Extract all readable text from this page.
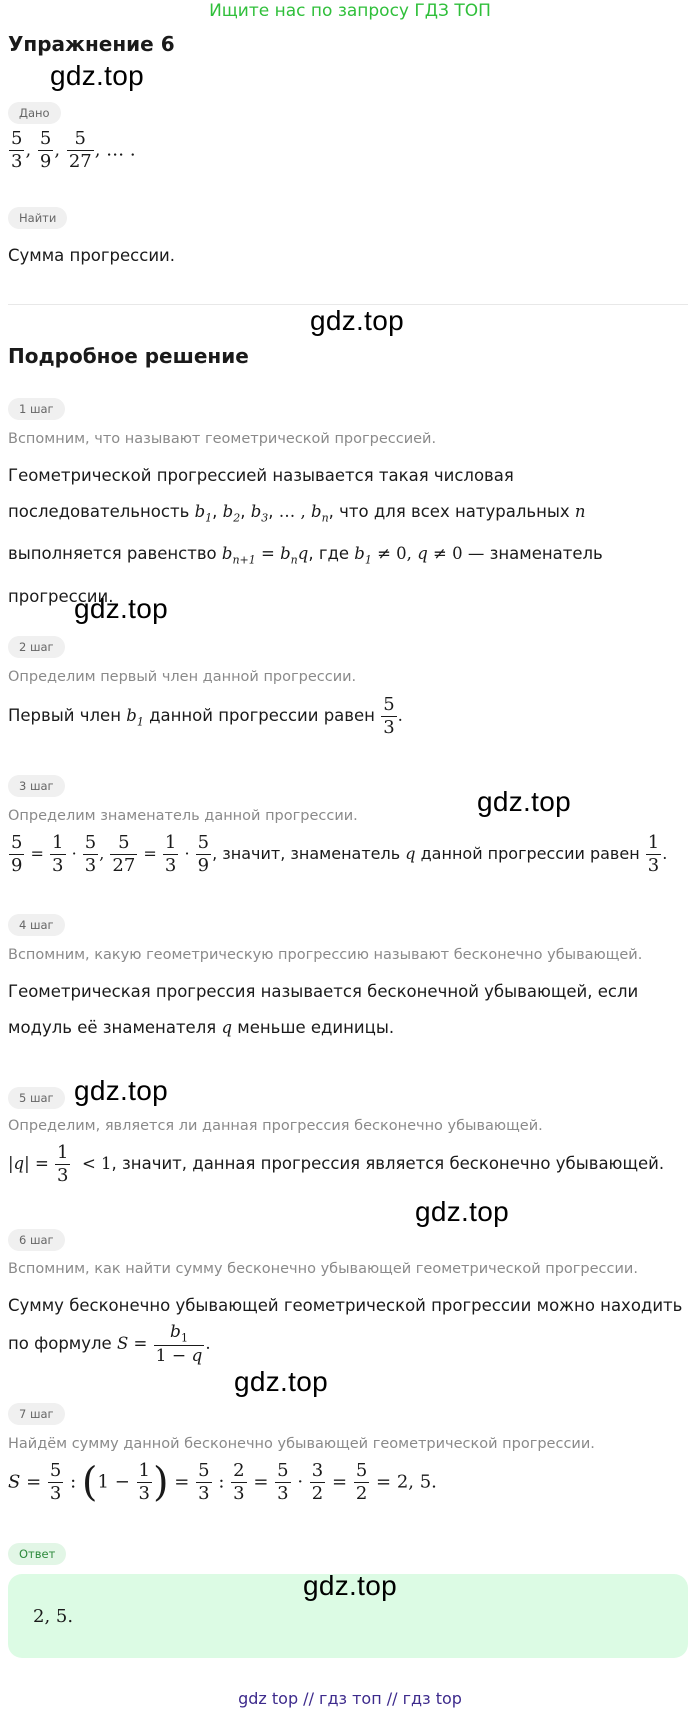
Ищите нас по запросу ГДЗ ТОП
Упражнение 6
gdz.top
Дано
$\frac{5}{3}$ , $\frac{5}{9}$ , $\frac{5}{27}$ , … .
Найти
Сумма прогрессии.
gdz.top
Подробное решение
1 шаг
Вспомним, что называют геометрической прогрессией.
Геометрической прогрессией называется такая числовая
последовательность $b_1$, $b_2$, $b_3$, … , $b_n$, что для всех натуральных n
выполняется равенство $b_{n+1} = b_nq$, где $b_1 \ne 0$, q ≠ 0 — знаменатель
прогрессии.
gdz.top
2 шаг
Определим первый член данной прогрессии.
Первый член $b_1$ данной прогрессии равен $\frac{5}{3}$ .
gdz.top
3 шаг
Определим знаменатель данной прогрессии.
$\frac{5}{9} = \frac{1}{3} \cdot \frac{5}{3}$ , $\frac{5}{27} = \frac{1}{3} \cdot \frac{5}{9}$ , значит, знаменатель q данной прогрессии равен $\frac{1}{3}$ .
4 шаг
Вспомним, какую геометрическую прогрессию называют бесконечно убывающей.
Геометрическая прогрессия называется бесконечной убывающей, если
модуль её знаменателя q меньше единицы.
5 шаг gdz.top
Определим, является ли данная прогрессия бесконечно убывающей.
$|q| = \frac{1}{3} < 1$, значит, данная прогрессия является бесконечно убывающей.
gdz.top
6 шаг
Вспомним, как найти сумму бесконечно убывающей геометрической прогрессии.
Сумму бесконечно убывающей геометрической прогрессии можно находить
по формуле $S = \frac{b_1}{1 - q}$ .
gdz.top
7 шаг
Найдём сумму данной бесконечно убывающей геометрической прогрессии.
$S = \frac{5}{3}$ : ($1 - \frac{1}{3}$ ) = $\frac{5}{3}$ : $\frac{2}{3} = \frac{5}{3} \cdot \frac{3}{2} = \frac{5}{2} = 2$, 5.
Ответ
gdz.top
2, 5.
gdz top // гдз топ // гдз top
